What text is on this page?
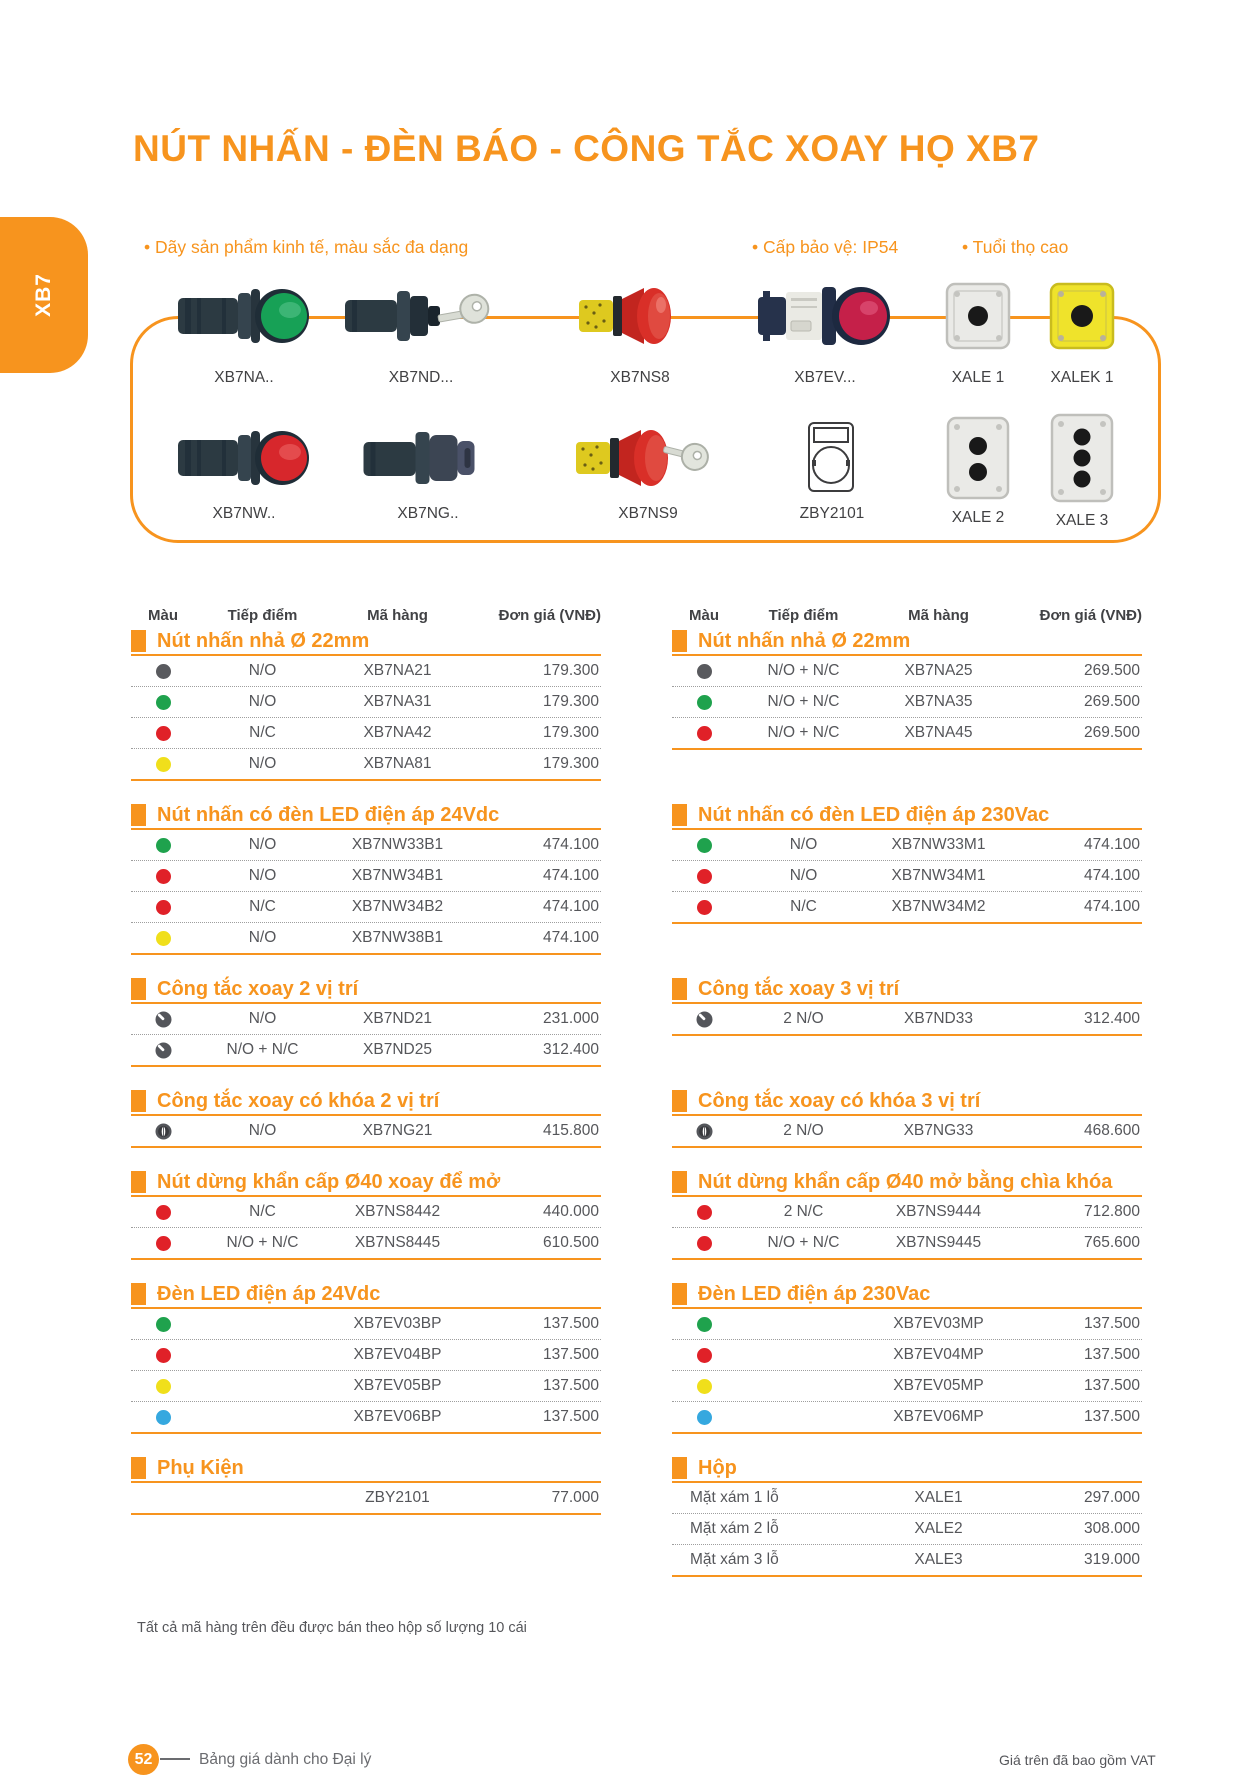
XB7
NÚT NHẤN - ĐÈN BÁO - CÔNG TẮC XOAY HỌ XB7
• Dãy sản phẩm kinh tế, màu sắc đa dạng	• Cấp bảo vệ: IP54	• Tuổi thọ cao
XB7NA..	XB7ND...	XB7NS8	XB7EV...	XALE 1	XALEK 1
XB7NW..	XB7NG..	XB7NS9	ZBY2101	XALE 2	XALE 3
Màu	Tiếp điểm	Mã hàng	Đơn giá (VNĐ)	Màu	Tiếp điểm	Mã hàng	Đơn giá (VNĐ)
Nút nhấn nhả Ø 22mm
N/O	XB7NA21	179.300
N/O	XB7NA31	179.300
N/C	XB7NA42	179.300
N/O	XB7NA81	179.300
Nút nhấn nhả Ø 22mm
N/O + N/C	XB7NA25	269.500
N/O + N/C	XB7NA35	269.500
N/O + N/C	XB7NA45	269.500
Nút nhấn có đèn LED điện áp 24Vdc
N/O	XB7NW33B1	474.100
N/O	XB7NW34B1	474.100
N/C	XB7NW34B2	474.100
N/O	XB7NW38B1	474.100
Nút nhấn có đèn LED điện áp 230Vac
N/O	XB7NW33M1	474.100
N/O	XB7NW34M1	474.100
N/C	XB7NW34M2	474.100
Công tắc xoay 2 vị trí
N/O	XB7ND21	231.000
N/O + N/C	XB7ND25	312.400
Công tắc xoay 3 vị trí
2 N/O	XB7ND33	312.400
Công tắc xoay có khóa 2 vị trí
N/O	XB7NG21	415.800
Công tắc xoay có khóa 3 vị trí
2 N/O	XB7NG33	468.600
Nút dừng khẩn cấp Ø40 xoay để mở
N/C	XB7NS8442	440.000
N/O + N/C	XB7NS8445	610.500
Nút dừng khẩn cấp Ø40 mở bằng chìa khóa
2 N/C	XB7NS9444	712.800
N/O + N/C	XB7NS9445	765.600
Đèn LED điện áp 24Vdc
XB7EV03BP	137.500
XB7EV04BP	137.500
XB7EV05BP	137.500
XB7EV06BP	137.500
Đèn LED điện áp 230Vac
XB7EV03MP	137.500
XB7EV04MP	137.500
XB7EV05MP	137.500
XB7EV06MP	137.500
Phụ Kiện
ZBY2101	77.000
Hộp
Mặt xám 1 lỗ	XALE1	297.000
Mặt xám 2 lỗ	XALE2	308.000
Mặt xám 3 lỗ	XALE3	319.000
Tất cả mã hàng trên đều được bán theo hộp số lượng 10 cái
52	Bảng giá dành cho Đại lý	Giá trên đã bao gồm VAT
